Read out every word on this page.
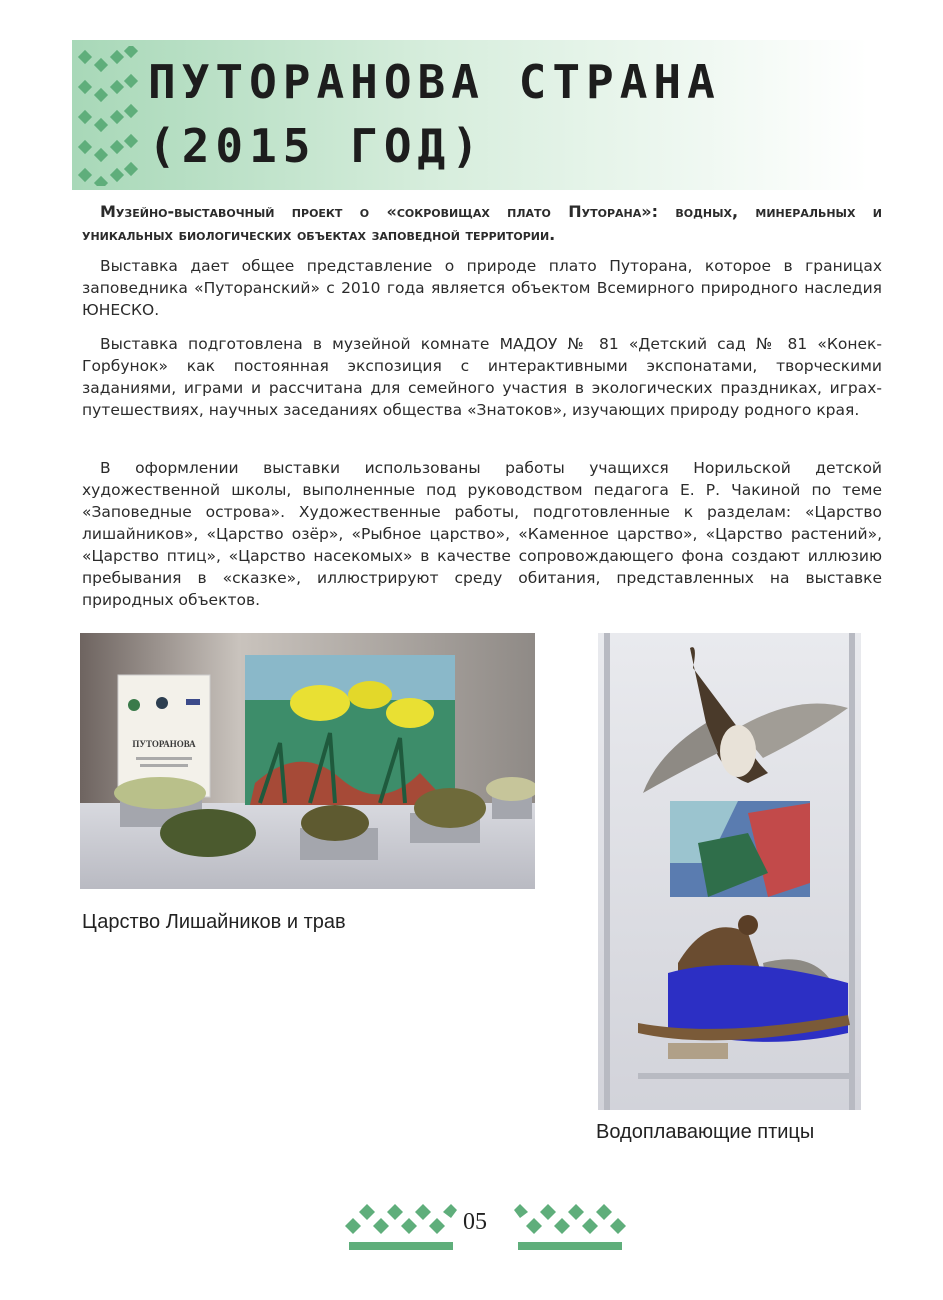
ПУТОРАНОВА СТРАНА
(2015 ГОД)

Музейно-выставочный проект о «сокровищах плато Путорана»: водных, минеральных и уникальных биологических объектах заповедной территории.

Выставка дает общее представление о природе плато Путорана, которое в границах заповедника «Путоранский» с 2010 года является объектом Всемирного природного наследия ЮНЕСКО.

Выставка подготовлена в музейной комнате МАДОУ № 81 «Детский сад № 81 «Конек-Горбунок» как постоянная экспозиция с интерактивными экспонатами, творческими заданиями, играми и рассчитана для семейного участия в экологических праздниках, играх-путешествиях, научных заседаниях общества «Знатоков», изучающих природу родного края.

В оформлении выставки использованы работы учащихся Норильской детской художественной школы, выполненные под руководством педагога Е. Р. Чакиной по теме «Заповедные острова». Художественные работы, подготовленные к разделам: «Царство лишайников», «Царство озёр», «Рыбное царство», «Каменное царство», «Царство растений», «Царство птиц», «Царство насекомых» в качестве сопровождающего фона создают иллюзию пребывания в «сказке», иллюстрируют среду обитания, представленных на выставке природных объектов.

ПУТОРАНОВА

Царство Лишайников и трав

Водоплавающие птицы

05
